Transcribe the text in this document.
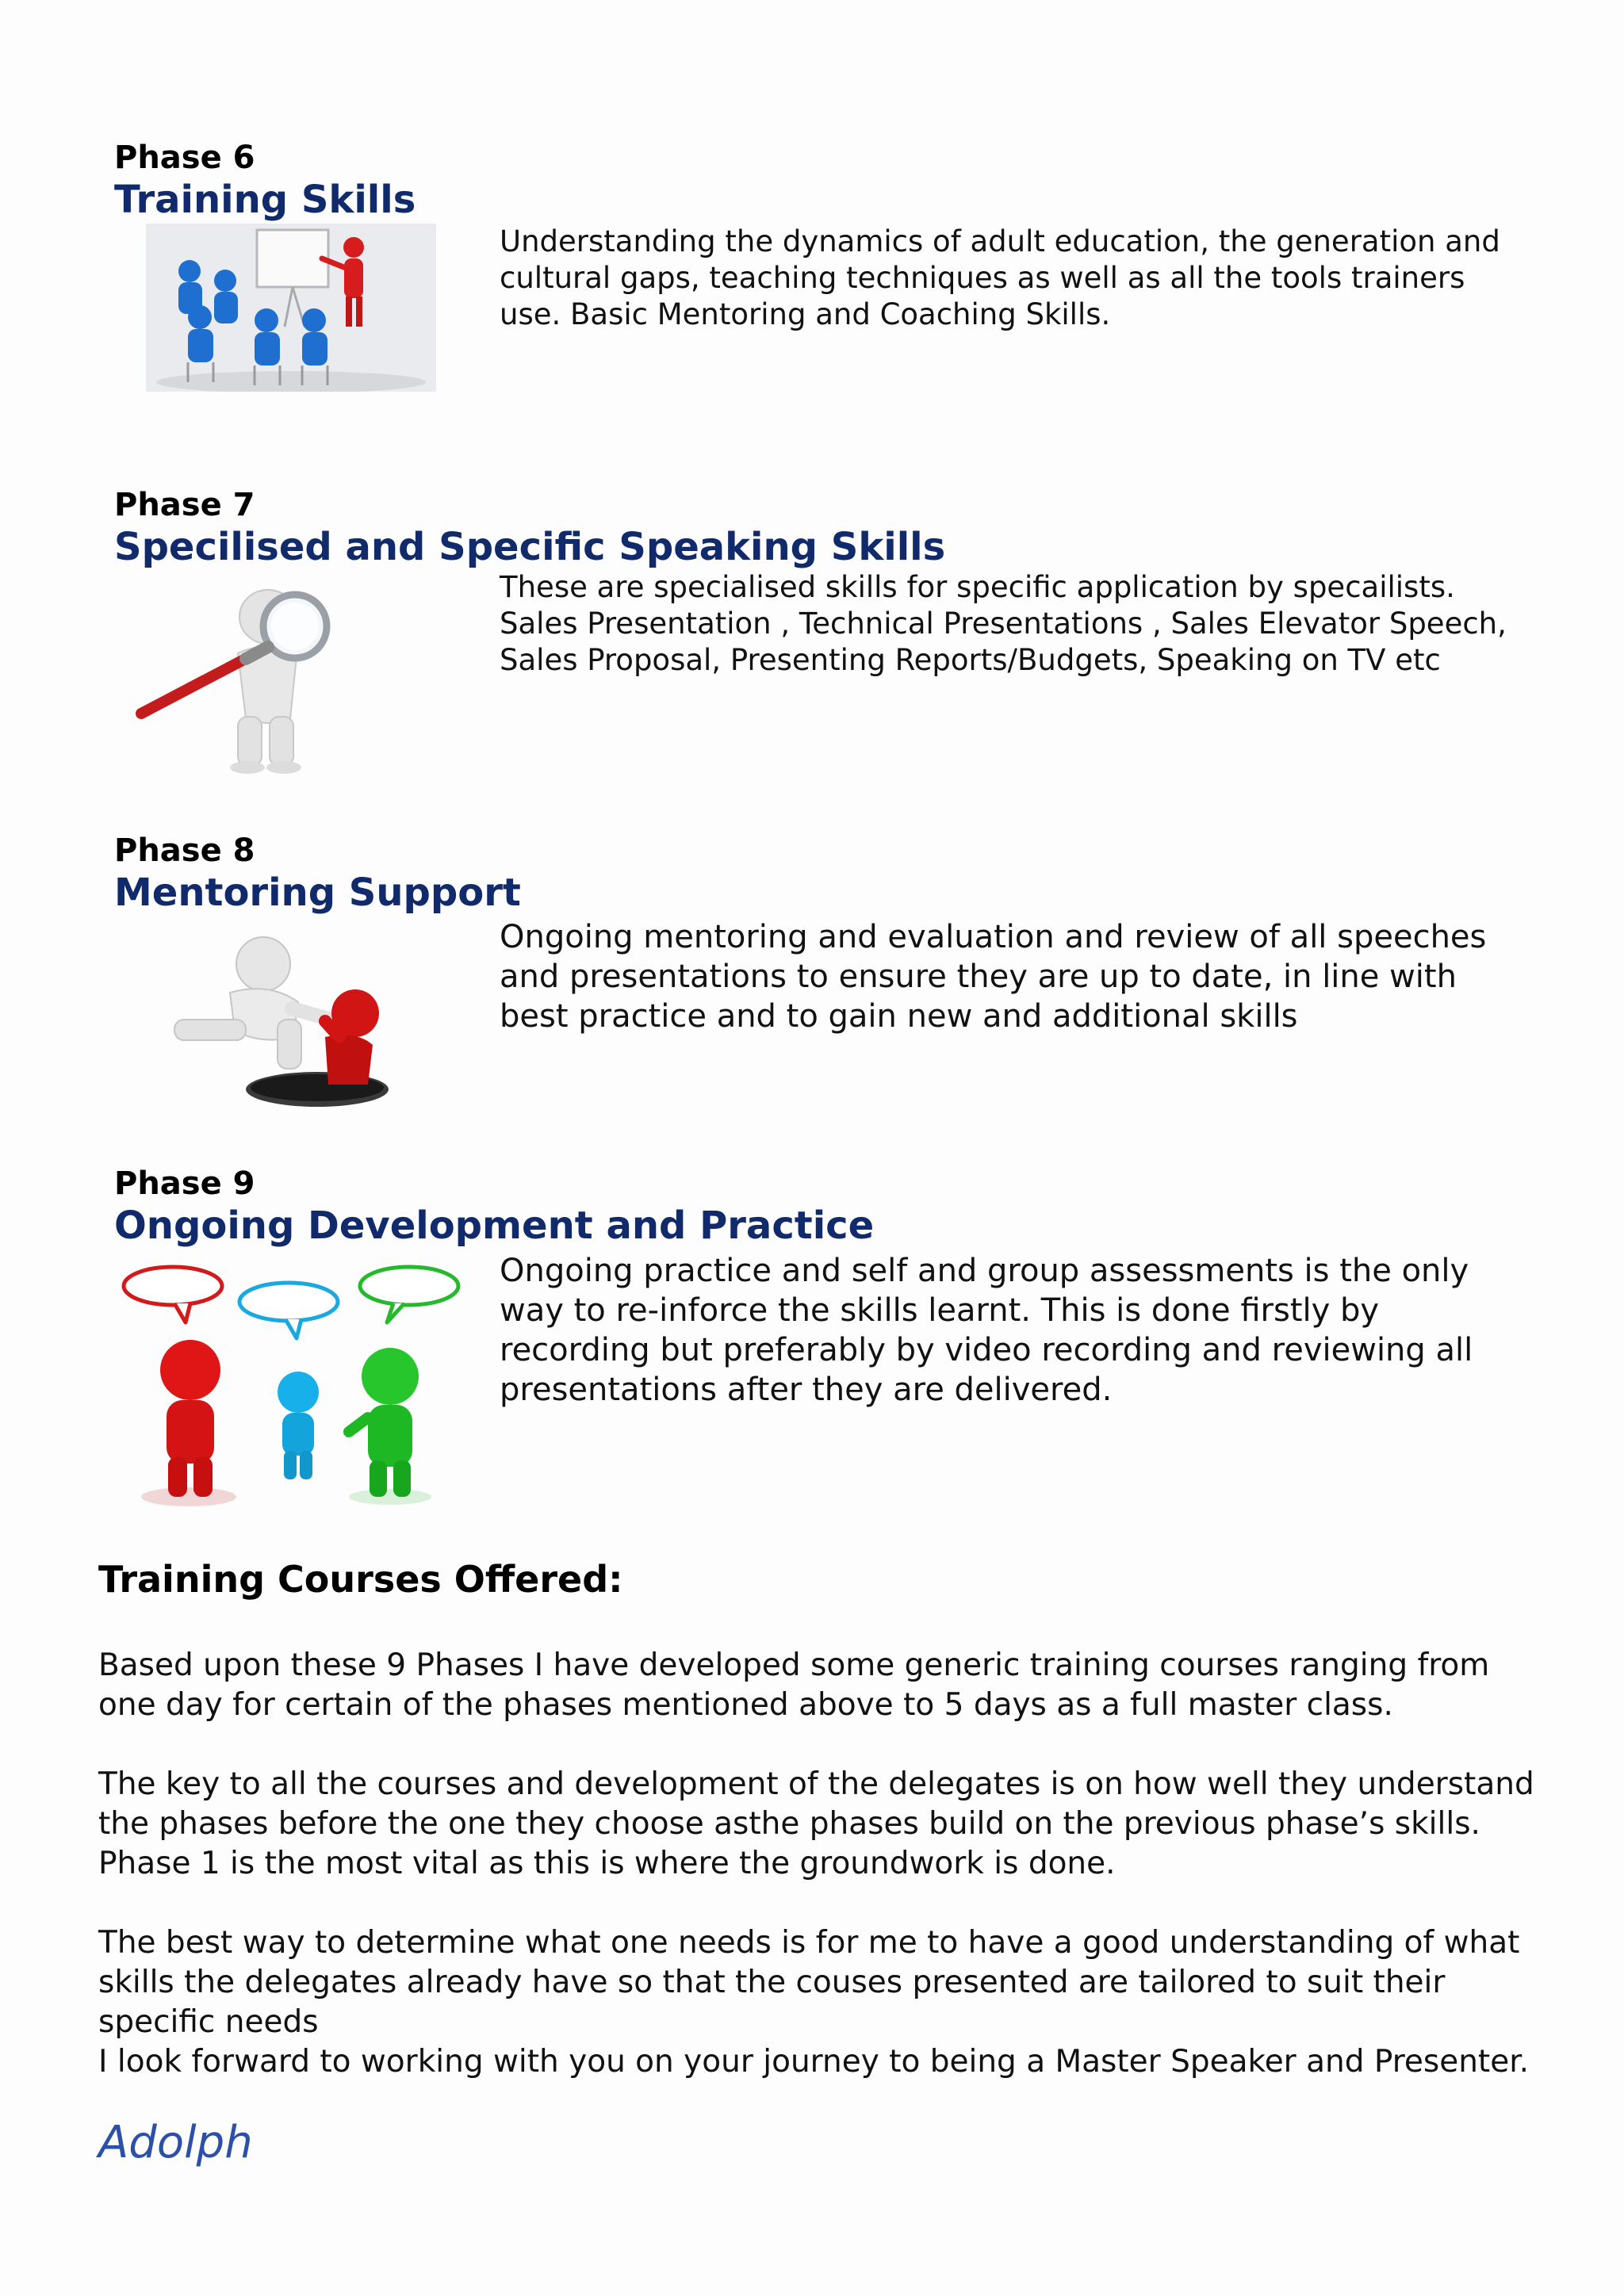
Phase 6
Training Skills

Understanding the dynamics of adult education, the generation and cultural gaps, teaching techniques as well as all the tools trainers use. Basic Mentoring and Coaching Skills.

Phase 7
Specilised and Specific Speaking Skills

These are specialised skills for specific application by specailists.

Sales Presentation , Technical Presentations , Sales Elevator Speech, Sales Proposal, Presenting Reports/Budgets, Speaking on TV etc

Phase 8
Mentoring Support

Ongoing mentoring and evaluation and review of all speeches and presentations to ensure they are up to date, in line with best practice and to gain new and additional skills

Phase 9
Ongoing Development and Practice

Ongoing practice and self and group assessments is the only way to re-inforce the skills learnt. This is done firstly by recording but preferably by video recording and reviewing all presentations after they are delivered.

Training Courses Offered:

Based upon these 9 Phases I have developed some generic training courses ranging from one day for certain of the phases mentioned above to 5 days as a full master class.

The key to all the courses and development of the delegates is on how well they understand the phases before the one they choose asthe phases build on the previous phase’s skills. Phase 1 is the most vital as this is where the groundwork is done.

The best way to determine what one needs is for me to have a good understanding of what skills the delegates already have so that the couses presented are tailored to suit their specific needs

I look forward to working with you on your journey to being a Master Speaker and Presenter.

Adolph
